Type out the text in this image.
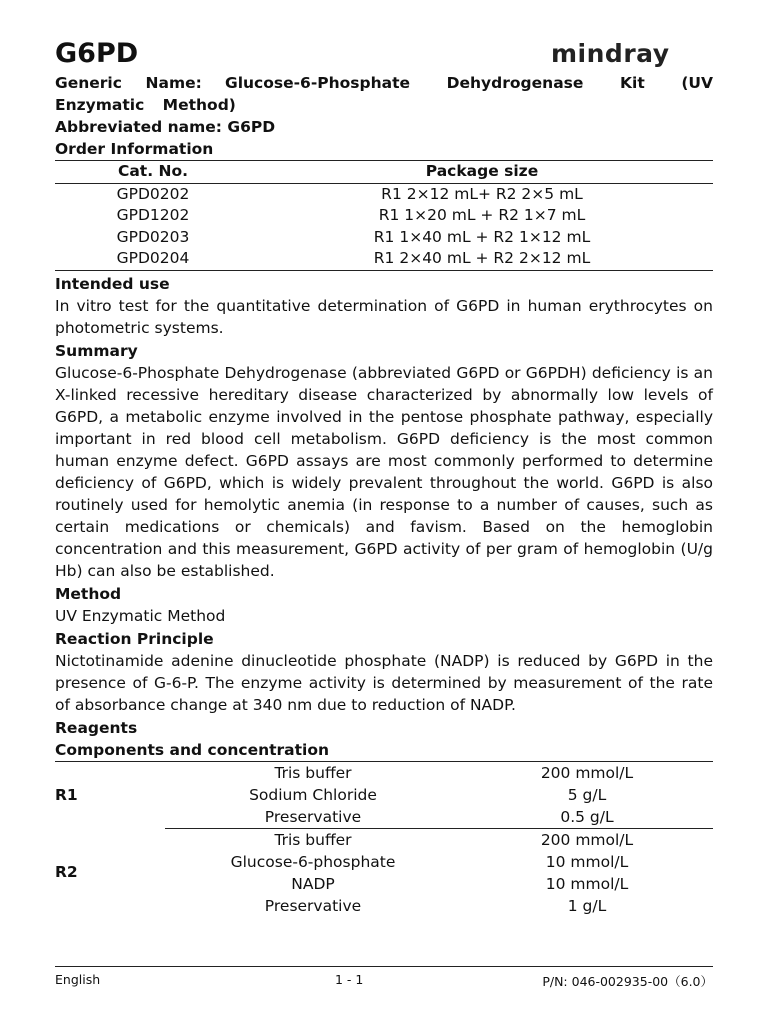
G6PD	mindray

Generic Name: Glucose-6-Phosphate Dehydrogenase Kit (UV Enzymatic Method)

Abbreviated name: G6PD

Order Information
Cat. No.	Package size
GPD0202	R1 2×12 mL+ R2 2×5 mL
GPD1202	R1 1×20 mL + R2 1×7 mL
GPD0203	R1 1×40 mL + R2 1×12 mL
GPD0204	R1 2×40 mL + R2 2×12 mL
Intended use

In vitro test for the quantitative determination of G6PD in human erythrocytes on photometric systems.

Summary

Glucose-6-Phosphate Dehydrogenase (abbreviated G6PD or G6PDH) deficiency is an X-linked recessive hereditary disease characterized by abnormally low levels of G6PD, a metabolic enzyme involved in the pentose phosphate pathway, especially important in red blood cell metabolism. G6PD deficiency is the most common human enzyme defect. G6PD assays are most commonly performed to determine deficiency of G6PD, which is widely prevalent throughout the world. G6PD is also routinely used for hemolytic anemia (in response to a number of causes, such as certain medications or chemicals) and favism. Based on the hemoglobin concentration and this measurement, G6PD activity of per gram of hemoglobin (U/g Hb) can also be established.

Method

UV Enzymatic Method

Reaction Principle

Nictotinamide adenine dinucleotide phosphate (NADP) is reduced by G6PD in the presence of G-6-P. The enzyme activity is determined by measurement of the rate of absorbance change at 340 nm due to reduction of NADP.

Reagents
Components and concentration
R1	Tris buffer	200 mmol/L
	Sodium Chloride	5 g/L
	Preservative	0.5 g/L
R2	Tris buffer	200 mmol/L
	Glucose-6-phosphate	10 mmol/L
	NADP	10 mmol/L
	Preservative	1 g/L
English	1 - 1	P/N: 046-002935-00（6.0）
